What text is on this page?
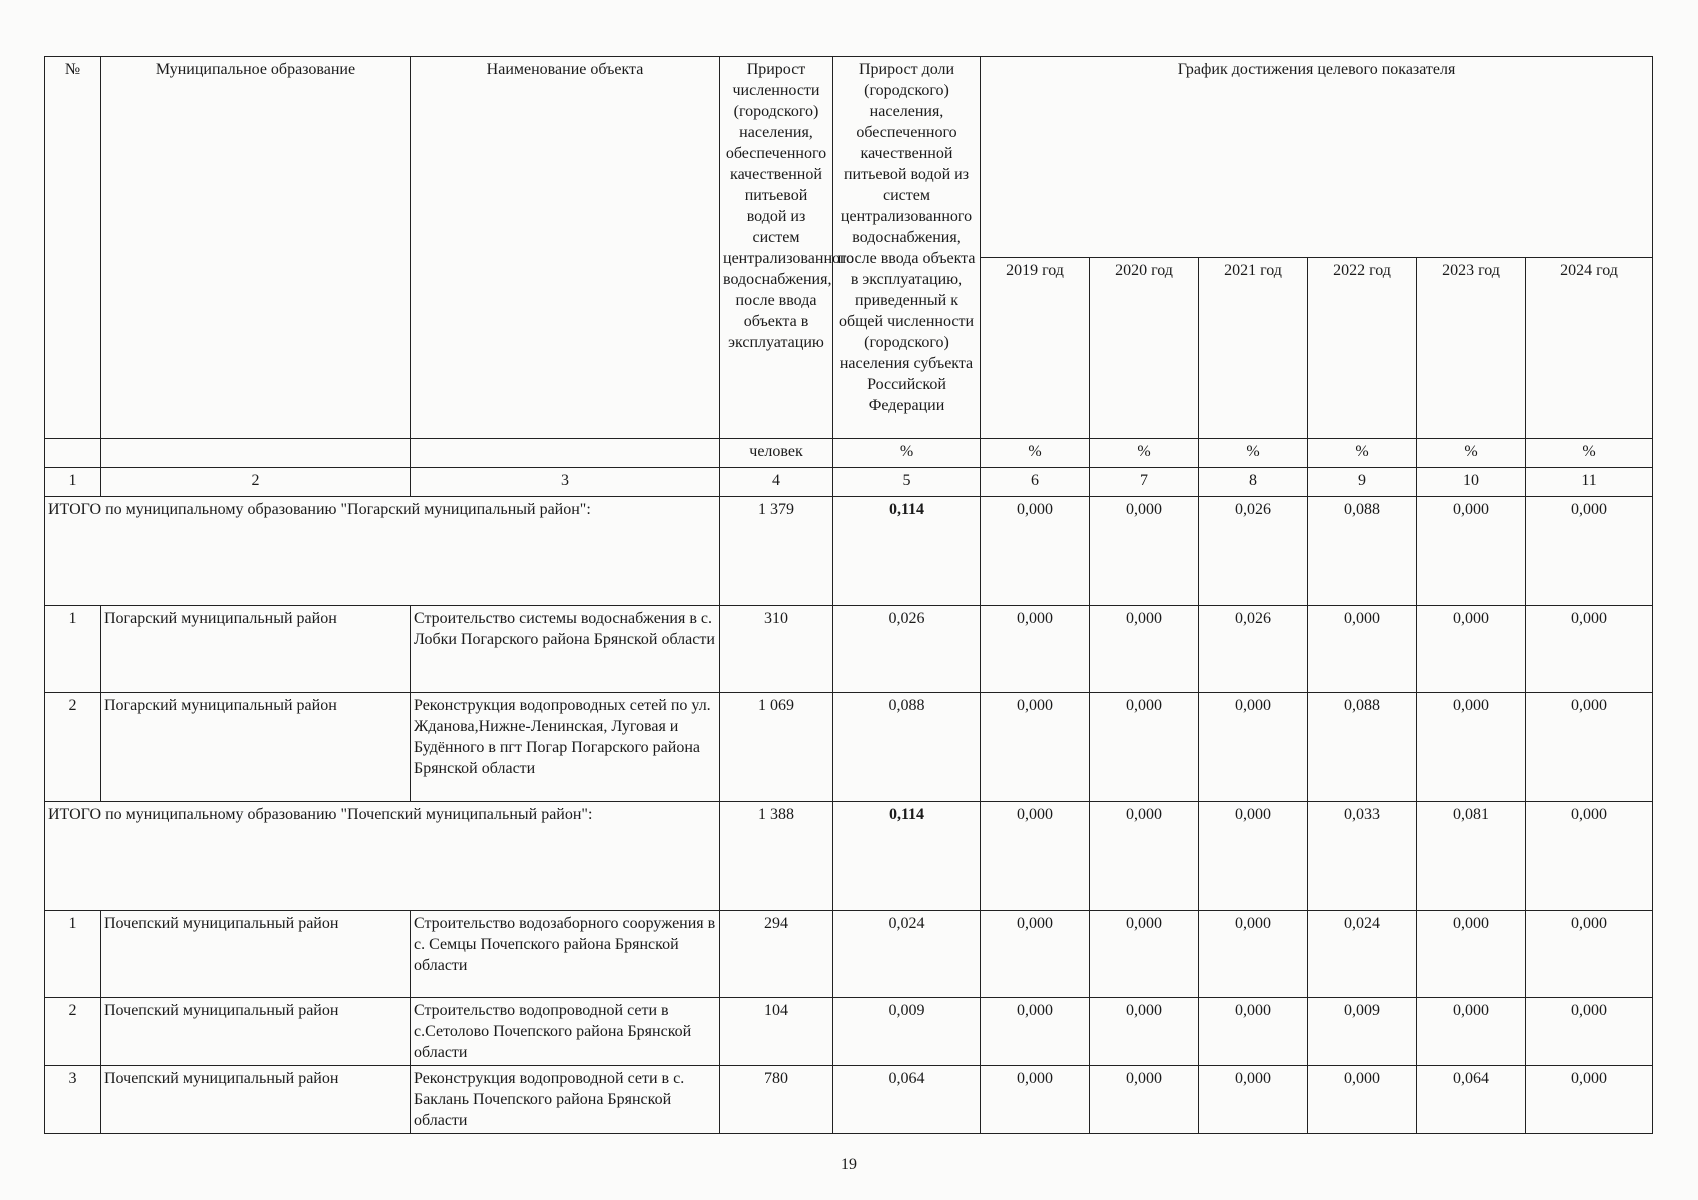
№	Муниципальное образование	Наименование объекта	Прирост численности (городского) населения, обеспеченного качественной питьевой водой из систем централизованного водоснабжения, после ввода объекта в эксплуатацию	Прирост доли (городского) населения, обеспеченного качественной питьевой водой из систем централизованного водоснабжения, после ввода объекта в эксплуатацию, приведенный к общей численности (городского) населения субъекта Российской Федерации	График достижения целевого показателя					
					2019 год	2020 год	2021 год	2022 год	2023 год	2024 год
			человек	%	%	%	%	%	%	%
1	2	3	4	5	6	7	8	9	10	11
ИТОГО по муниципальному образованию "Погарский муниципальный район":			1 379	0,114	0,000	0,000	0,026	0,088	0,000	0,000
1	Погарский муниципальный район	Строительство системы водоснабжения в с. Лобки Погарского района Брянской области	310	0,026	0,000	0,000	0,026	0,000	0,000	0,000
2	Погарский муниципальный район	Реконструкция водопроводных сетей по ул. Жданова,Нижне-Ленинская, Луговая и Будённого в пгт Погар Погарского района Брянской области	1 069	0,088	0,000	0,000	0,000	0,088	0,000	0,000
ИТОГО по муниципальному образованию "Почепский муниципальный район":			1 388	0,114	0,000	0,000	0,000	0,033	0,081	0,000
1	Почепский муниципальный район	Строительство водозаборного сооружения в с. Семцы Почепского района Брянской области	294	0,024	0,000	0,000	0,000	0,024	0,000	0,000
2	Почепский муниципальный район	Строительство водопроводной сети в с.Сетолово Почепского района Брянской области	104	0,009	0,000	0,000	0,000	0,009	0,000	0,000
3	Почепский муниципальный район	Реконструкция водопроводной сети в с. Баклань Почепского района Брянской области	780	0,064	0,000	0,000	0,000	0,000	0,064	0,000
19
